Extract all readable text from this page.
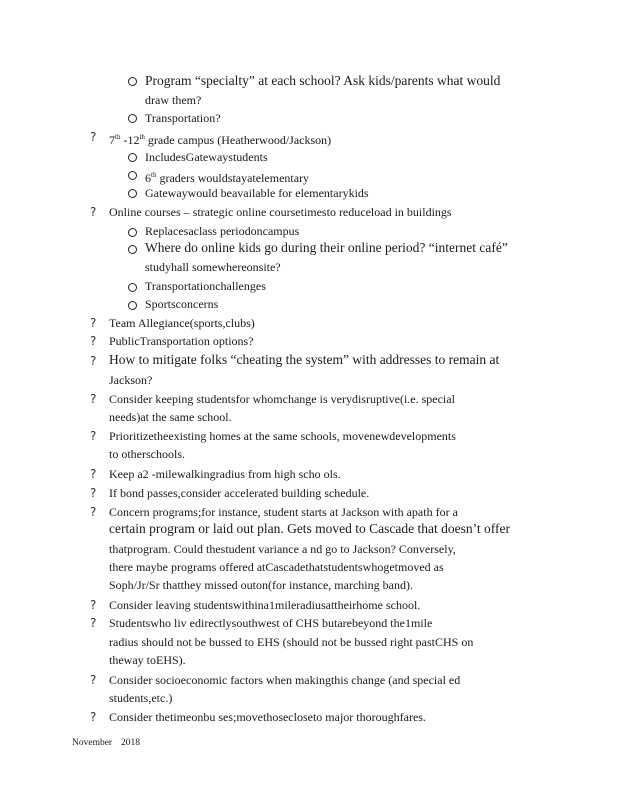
Program “specialty” at each school? Ask kids/parents what would
draw them?
Transportation?
? 7th -12th grade campus (Heatherwood/Jackson)
IncludesGatewaystudents
6th graders wouldstayatelementary
Gatewaywould beavailable for elementarykids
? Online courses – strategic online coursetimesto reduceload in buildings
Replacesaclass periodoncampus
Where do online kids go during their online period? “internet café”
studyhall somewhereonsite?
Transportationchallenges
Sportsconcerns
? Team Allegiance(sports,clubs)
? PublicTransportation options?
? How to mitigate folks “cheating the system” with addresses to remain at
Jackson?
? Consider keeping studentsfor whomchange is verydisruptive(i.e. special
needs)at the same school.
? Prioritizetheexisting homes at the same schools, movenewdevelopments
to otherschools.
? Keep a2 -milewalkingradius from high scho ols.
? If bond passes,consider accelerated building schedule.
? Concern programs;for instance, student starts at Jackson with apath for a
certain program or laid out plan. Gets moved to Cascade that doesn’t offer
thatprogram. Could thestudent variance a nd go to Jackson? Conversely,
there maybe programs offered atCascadethatstudentswhogetmoved as
Soph/Jr/Sr thatthey missed outon(for instance, marching band).
? Consider leaving studentswithina1mileradiusattheirhome school.
? Studentswho liv edirectlysouthwest of CHS butarebeyond the1mile
radius should not be bussed to EHS (should not be bussed right pastCHS on
theway toEHS).
? Consider socioeconomic factors when makingthis change (and special ed
students,etc.)
? Consider thetimeonbu ses;movethosecloseto major thoroughfares.
November 2018
